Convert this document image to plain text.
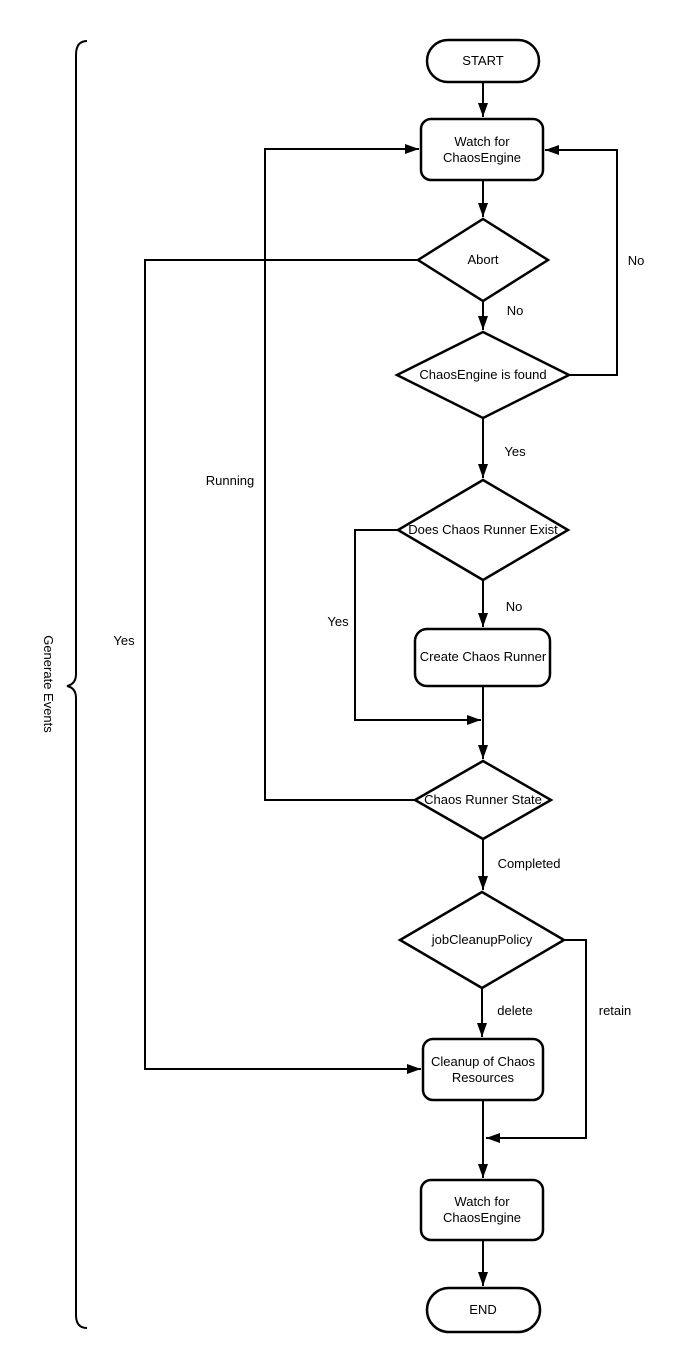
START
Watch for ChaosEngine
Abort
ChaosEngine is found
Does Chaos Runner Exist
Create Chaos Runner
Chaos Runner State
jobCleanupPolicy
Cleanup of Chaos Resources
Watch for ChaosEngine
END
No
No
Yes
No
Yes
Running
Completed
delete	retain
Yes
Generate Events
